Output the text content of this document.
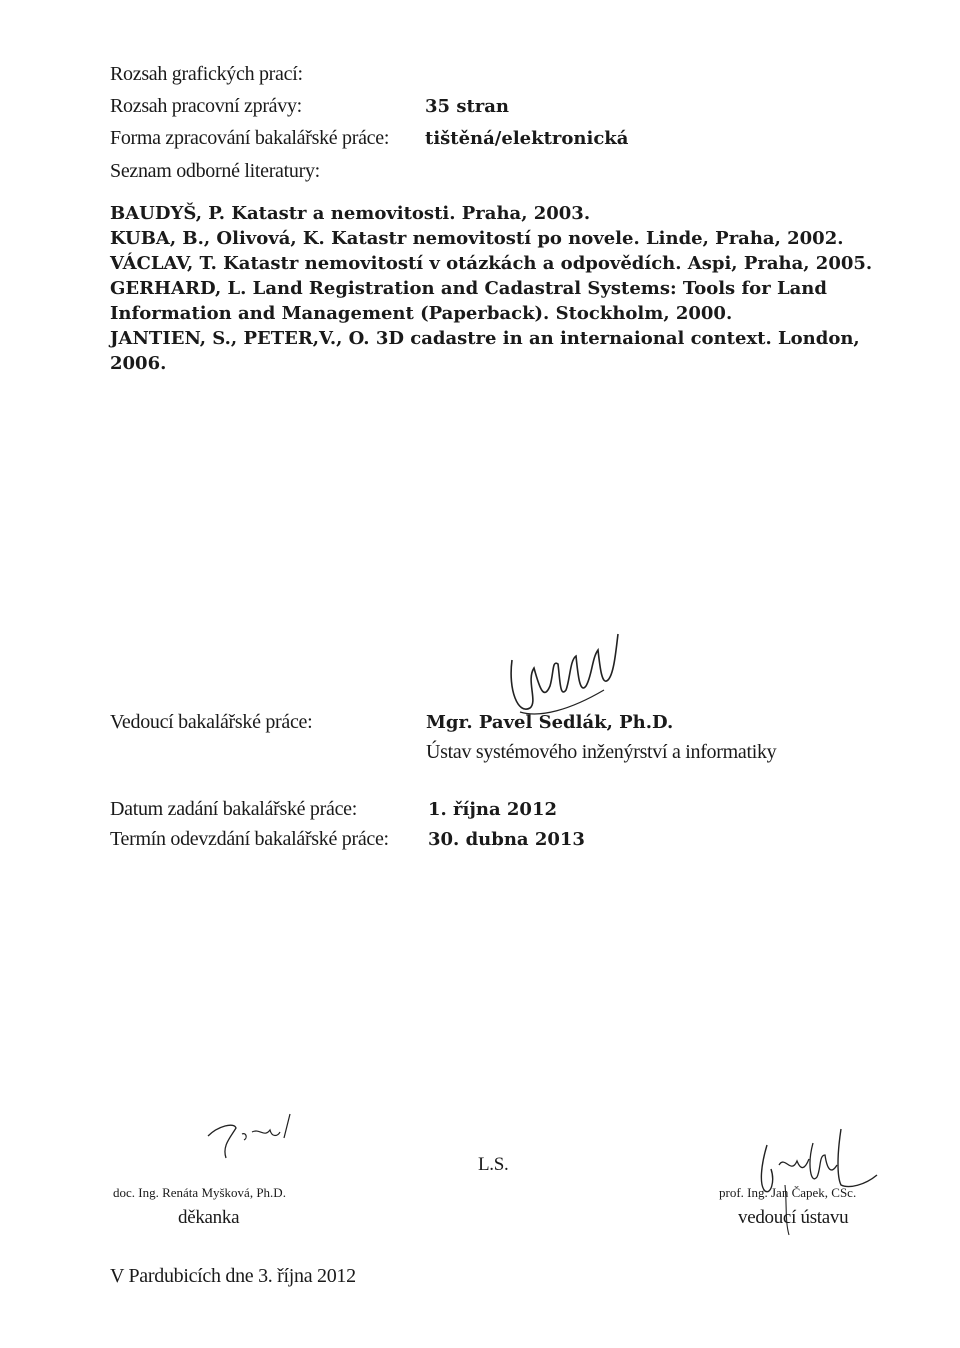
Rozsah grafických prací:
Rozsah pracovní zprávy:	35 stran
Forma zpracování bakalářské práce: tištěná/elektronická
Seznam odborné literatury:
BAUDYŠ, P. Katastr a nemovitosti. Praha, 2003.
KUBA, B., Olivová, K. Katastr nemovitostí po novele. Linde, Praha, 2002.
VÁCLAV, T. Katastr nemovitostí v otázkách a odpovědích. Aspi, Praha, 2005.
GERHARD, L. Land Registration and Cadastral Systems: Tools for Land
Information and Management (Paperback). Stockholm, 2000.
JANTIEN, S., PETER,V., O. 3D cadastre in an internaional context. London,
2006.
Vedoucí bakalářské práce:	Mgr. Pavel Sedlák, Ph.D.
Ústav systémového inženýrství a informatiky
Datum zadání bakalářské práce:	1. října 2012
Termín odevzdání bakalářské práce: 30. dubna 2013
doc. Ing. Renáta Myšková, Ph.D.
děkanka
L.S.
prof. Ing. Jan Čapek, CSc.
vedoucí ústavu
V Pardubicích dne 3. října 2012
